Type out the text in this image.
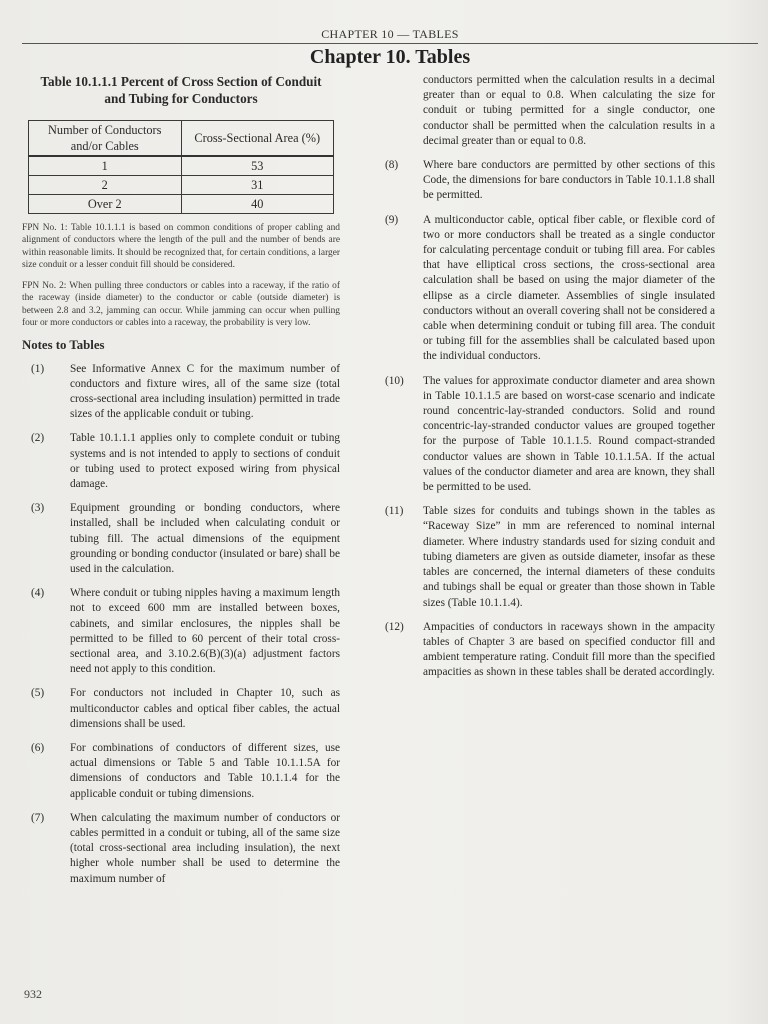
CHAPTER 10 — TABLES
Chapter 10. Tables
Table 10.1.1.1 Percent of Cross Section of Conduit
and Tubing for Conductors
Number of Conductors and/or Cables	Cross-Sectional Area (%)
1	53
2	31
Over 2	40

FPN No. 1: Table 10.1.1.1 is based on common conditions of proper cabling and alignment of conductors where the length of the pull and the number of bends are within reasonable limits. It should be recognized that, for certain conditions, a larger size conduit or a lesser conduit fill should be considered.

FPN No. 2: When pulling three conductors or cables into a raceway, if the ratio of the raceway (inside diameter) to the conductor or cable (outside diameter) is between 2.8 and 3.2, jamming can occur. While jamming can occur when pulling four or more conductors or cables into a raceway, the probability is very low.

Notes to Tables
(1)	See Informative Annex C for the maximum number of conductors and fixture wires, all of the same size (total cross-sectional area including insulation) permitted in trade sizes of the applicable conduit or tubing.
(2)	Table 10.1.1.1 applies only to complete conduit or tubing systems and is not intended to apply to sections of conduit or tubing used to protect exposed wiring from physical damage.
(3)	Equipment grounding or bonding conductors, where installed, shall be included when calculating conduit or tubing fill. The actual dimensions of the equipment grounding or bonding conductor (insulated or bare) shall be used in the calculation.
(4)	Where conduit or tubing nipples having a maximum length not to exceed 600 mm are installed between boxes, cabinets, and similar enclosures, the nipples shall be permitted to be filled to 60 percent of their total cross-sectional area, and 3.10.2.6(B)(3)(a) adjustment factors need not apply to this condition.
(5)	For conductors not included in Chapter 10, such as multiconductor cables and optical fiber cables, the actual dimensions shall be used.
(6)	For combinations of conductors of different sizes, use actual dimensions or Table 5 and Table 10.1.1.5A for dimensions of conductors and Table 10.1.1.4 for the applicable conduit or tubing dimensions.
(7)	When calculating the maximum number of conductors or cables permitted in a conduit or tubing, all of the same size (total cross-sectional area including insulation), the next higher whole number shall be used to determine the maximum number of

conductors permitted when the calculation results in a decimal greater than or equal to 0.8. When calculating the size for conduit or tubing permitted for a single conductor, one conductor shall be permitted when the calculation results in a decimal greater than or equal to 0.8.

(8)	Where bare conductors are permitted by other sections of this Code, the dimensions for bare conductors in Table 10.1.1.8 shall be permitted.
(9)	A multiconductor cable, optical fiber cable, or flexible cord of two or more conductors shall be treated as a single conductor for calculating percentage conduit or tubing fill area. For cables that have elliptical cross sections, the cross-sectional area calculation shall be based on using the major diameter of the ellipse as a circle diameter. Assemblies of single insulated conductors without an overall covering shall not be considered a cable when determining conduit or tubing fill area. The conduit or tubing fill for the assemblies shall be calculated based upon the individual conductors.
(10)	The values for approximate conductor diameter and area shown in Table 10.1.1.5 are based on worst-case scenario and indicate round concentric-lay-stranded conductors. Solid and round concentric-lay-stranded conductor values are grouped together for the purpose of Table 10.1.1.5. Round compact-stranded conductor values are shown in Table 10.1.1.5A. If the actual values of the conductor diameter and area are known, they shall be permitted to be used.
(11)	Table sizes for conduits and tubings shown in the tables as “Raceway Size” in mm are referenced to nominal internal diameter. Where industry standards used for sizing conduit and tubing diameters are given as outside diameter, insofar as these tables are concerned, the internal diameters of these conduits and tubings shall be equal or greater than those shown in Table sizes (Table 10.1.1.4).
(12)	Ampacities of conductors in raceways shown in the ampacity tables of Chapter 3 are based on specified conductor fill and ambient temperature rating. Conduit fill more than the specified ampacities as shown in these tables shall be derated accordingly.
932
